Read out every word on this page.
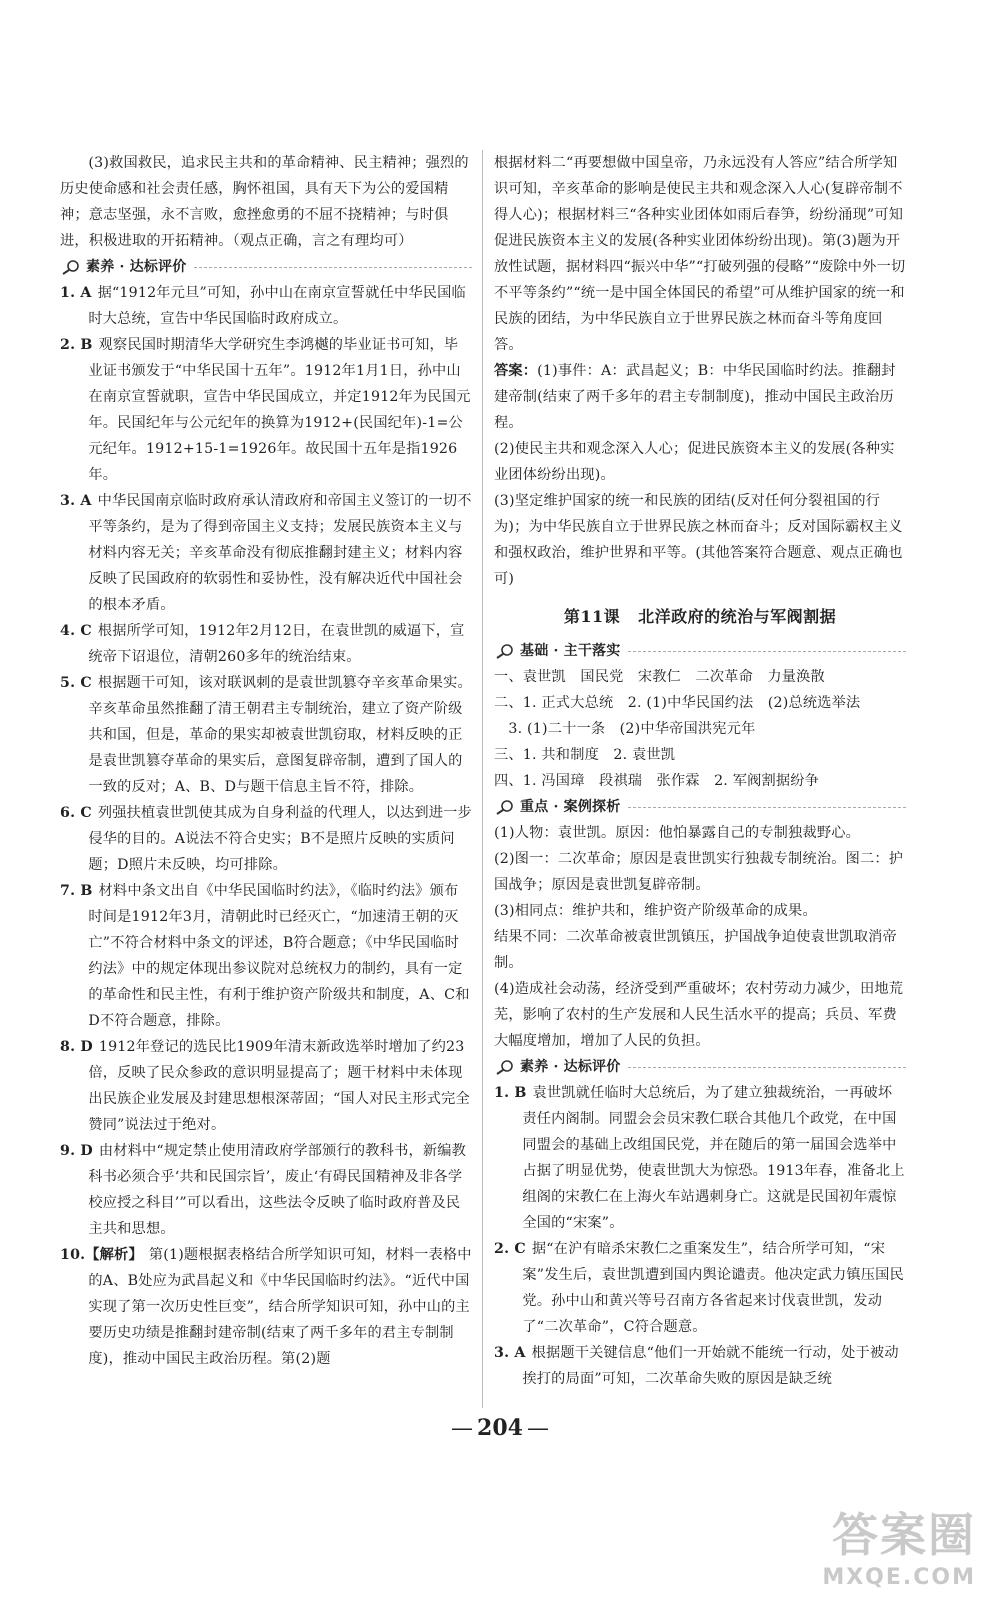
(3)救国救民，追求民主共和的革命精神、民主精神；强烈的历史使命感和社会责任感，胸怀祖国，具有天下为公的爱国精神；意志坚强，永不言败，愈挫愈勇的不屈不挠精神；与时俱进，积极进取的开拓精神。（观点正确，言之有理均可）

素养 · 达标评价

1. A 据“1912年元旦”可知，孙中山在南京宣誓就任中华民国临时大总统，宣告中华民国临时政府成立。

2. B 观察民国时期清华大学研究生李鸿樾的毕业证书可知，毕业证书颁发于“中华民国十五年”。1912年1月1日，孙中山在南京宣誓就职，宣告中华民国成立，并定1912年为民国元年。民国纪年与公元纪年的换算为1912+(民国纪年)-1=公元纪年。1912+15-1=1926年。故民国十五年是指1926年。

3. A 中华民国南京临时政府承认清政府和帝国主义签订的一切不平等条约，是为了得到帝国主义支持；发展民族资本主义与材料内容无关；辛亥革命没有彻底推翻封建主义；材料内容反映了民国政府的软弱性和妥协性，没有解决近代中国社会的根本矛盾。

4. C 根据所学可知，1912年2月12日，在袁世凯的威逼下，宣统帝下诏退位，清朝260多年的统治结束。

5. C 根据题干可知，该对联讽刺的是袁世凯篡夺辛亥革命果实。辛亥革命虽然推翻了清王朝君主专制统治，建立了资产阶级共和国，但是，革命的果实却被袁世凯窃取，材料反映的正是袁世凯篡夺革命的果实后，意图复辟帝制，遭到了国人的一致的反对；A、B、D与题干信息主旨不符，排除。

6. C 列强扶植袁世凯使其成为自身利益的代理人，以达到进一步侵华的目的。A说法不符合史实；B不是照片反映的实质问题；D照片未反映，均可排除。

7. B 材料中条文出自《中华民国临时约法》，《临时约法》颁布时间是1912年3月，清朝此时已经灭亡，“加速清王朝的灭亡”不符合材料中条文的评述，B符合题意；《中华民国临时约法》中的规定体现出参议院对总统权力的制约，具有一定的革命性和民主性，有利于维护资产阶级共和制度，A、C和D不符合题意，排除。

8. D 1912年登记的选民比1909年清末新政选举时增加了约23倍，反映了民众参政的意识明显提高了；题干材料中未体现出民族企业发展及封建思想根深蒂固；“国人对民主形式完全赞同”说法过于绝对。

9. D 由材料中“规定禁止使用清政府学部颁行的教科书，新编教科书必须合乎‘共和民国宗旨’，废止‘有碍民国精神及非各学校应授之科目’”可以看出，这些法令反映了临时政府普及民主共和思想。

10.【解析】 第(1)题根据表格结合所学知识可知，材料一表格中的A、B处应为武昌起义和《中华民国临时约法》。“近代中国实现了第一次历史性巨变”，结合所学知识可知，孙中山的主要历史功绩是推翻封建帝制(结束了两千多年的君主专制制度)，推动中国民主政治历程。第(2)题

根据材料二“再要想做中国皇帝，乃永远没有人答应”结合所学知识可知，辛亥革命的影响是使民主共和观念深入人心(复辟帝制不得人心)；根据材料三“各种实业团体如雨后春笋，纷纷涌现”可知促进民族资本主义的发展(各种实业团体纷纷出现)。第(3)题为开放性试题，据材料四“振兴中华”“打破列强的侵略”“废除中外一切不平等条约”“统一是中国全体国民的希望”可从维护国家的统一和民族的团结，为中华民族自立于世界民族之林而奋斗等角度回答。

答案：(1)事件：A：武昌起义；B：中华民国临时约法。推翻封建帝制(结束了两千多年的君主专制制度)，推动中国民主政治历程。

(2)使民主共和观念深入人心；促进民族资本主义的发展(各种实业团体纷纷出现)。

(3)坚定维护国家的统一和民族的团结(反对任何分裂祖国的行为)；为中华民族自立于世界民族之林而奋斗；反对国际霸权主义和强权政治，维护世界和平等。(其他答案符合题意、观点正确也可)

第11课 北洋政府的统治与军阀割据
基础 · 主干落实

一、袁世凯　国民党　宋教仁　二次革命　力量涣散

二、1. 正式大总统　2. (1)中华民国约法　(2)总统选举法

　3. (1)二十一条　(2)中华帝国洪宪元年

三、1. 共和制度　2. 袁世凯

四、1. 冯国璋　段祺瑞　张作霖　2. 军阀割据纷争

重点 · 案例探析

(1)人物：袁世凯。原因：他怕暴露自己的专制独裁野心。

(2)图一：二次革命；原因是袁世凯实行独裁专制统治。图二：护国战争；原因是袁世凯复辟帝制。

(3)相同点：维护共和，维护资产阶级革命的成果。

结果不同：二次革命被袁世凯镇压，护国战争迫使袁世凯取消帝制。

(4)造成社会动荡，经济受到严重破坏；农村劳动力减少，田地荒芜，影响了农村的生产发展和人民生活水平的提高；兵员、军费大幅度增加，增加了人民的负担。

素养 · 达标评价

1. B 袁世凯就任临时大总统后，为了建立独裁统治，一再破坏责任内阁制。同盟会会员宋教仁联合其他几个政党，在中国同盟会的基础上改组国民党，并在随后的第一届国会选举中占据了明显优势，使袁世凯大为惊恐。1913年春，准备北上组阁的宋教仁在上海火车站遇刺身亡。这就是民国初年震惊全国的“宋案”。

2. C 据“在沪有暗杀宋教仁之重案发生”，结合所学可知，“宋案”发生后，袁世凯遭到国内舆论谴责。他决定武力镇压国民党。孙中山和黄兴等号召南方各省起来讨伐袁世凯，发动了“二次革命”，C符合题意。

3. A 根据题干关键信息“他们一开始就不能统一行动，处于被动挨打的局面”可知，二次革命失败的原因是缺乏统

— 204 —
答案圈
MXQE.COM
